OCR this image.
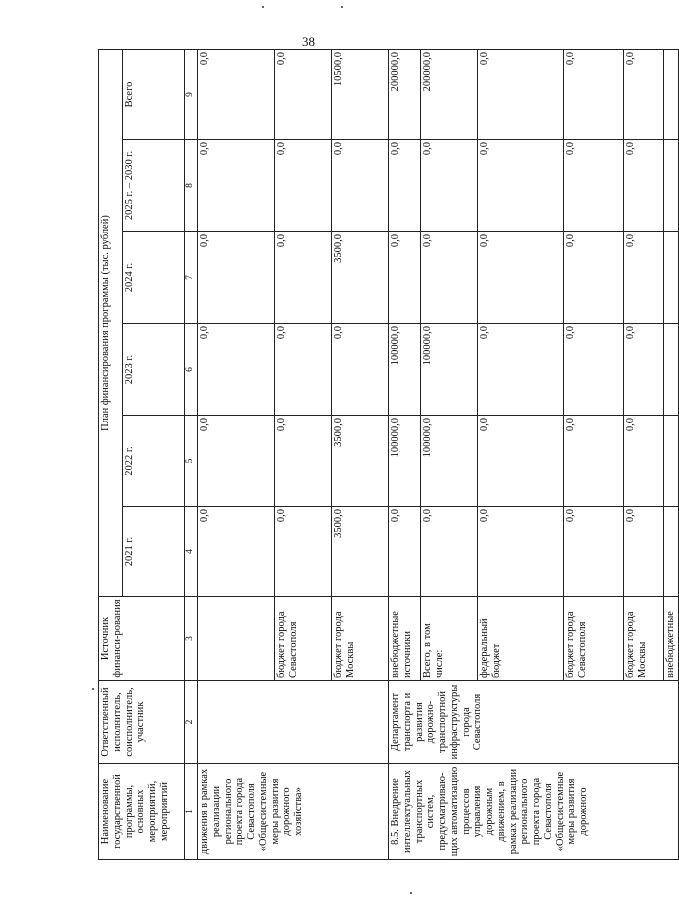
38
Наименование государственной программы, основных мероприятий, мероприятий	Ответственный исполнитель, соисполнитель, участник	Источник финанси-рования	План финансирования программы (тыс. рублей)					
			2021 г.	2022 г.	2023 г.	2024 г.	2025 г. – 2030 г.	Всего
1	2	3	4	5	6	7	8	9
движения в рамках реализации регионального проекта города Севастополя «Общесистемные меры развития дорожного хозяйства»			0,0	0,0	0,0	0,0	0,0	0,0
		бюджет города Севастополя	0,0	0,0	0,0	0,0	0,0	0,0
		бюджет города Москвы	3500,0	3500,0	0,0	3500,0	0,0	10500,0
8.5. Внедрение интеллектуальных транспортных систем, предусматриваю-щих автоматизацию процессов управления дорожным движением, в рамках реализации регионального проекта города Севастополя «Общесистемные меры развития дорожного	Департамент транспорта и развития дорожно-транспортной инфраструктуры города Севастополя	внебюджетные источники	0,0	100000,0	100000,0	0,0	0,0	200000,0
		Всего, в том числе:	0,0	100000,0	100000,0	0,0	0,0	200000,0
		федеральный бюджет	0,0	0,0	0,0	0,0	0,0	0,0
		бюджет города Севастополя	0,0	0,0	0,0	0,0	0,0	0,0
		бюджет города Москвы	0,0	0,0	0,0	0,0	0,0	0,0
		внебюджетные						
